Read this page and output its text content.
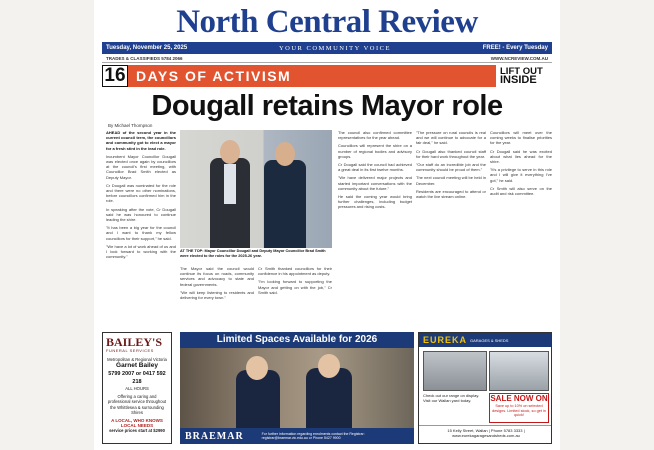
North Central Review
Tuesday, November 25, 2025	YOUR COMMUNITY VOICE	FREE! - Every Tuesday
TRADES & CLASSIFIEDS 5784 2066	WWW.NCREVIEW.COM.AU
16 DAYS OF ACTIVISM	LIFT OUT
INSIDE
Dougall retains Mayor role
By Michael Thompson

AHEAD of the second year in the current council term, the councillors and community got to elect a mayor for a fresh stint in the lead role.

Incumbent Mayor Councillor Dougall was elected once again by councillors at the council's first meeting, with Councillor Brad Smith elected as Deputy Mayor.

Cr Dougall was nominated for the role and there were no other nominations, before councillors confirmed him in the role.

In speaking after the vote, Cr Dougall said he was honoured to continue leading the shire.

"It has been a big year for the council and I want to thank my fellow councillors for their support," he said.

"We have a lot of work ahead of us and I look forward to working with the community."

AT THE TOP: Mayor Councillor Dougall and Deputy Mayor Councillor Brad Smith were elected to the roles for the 2025-26 year.

The Mayor said the council would continue its focus on roads, community services and advocacy to state and federal governments.

"We will keep listening to residents and delivering for every town."

Cr Smith thanked councillors for their confidence in his appointment as deputy.

"I'm looking forward to supporting the Mayor and getting on with the job," Cr Smith said.

The council also confirmed committee representatives for the year ahead.

Councillors will represent the shire on a number of regional bodies and advisory groups.

Cr Dougall said the council had achieved a great deal in its first twelve months.

"We have delivered major projects and started important conversations with the community about the future."

He said the coming year would bring further challenges, including budget pressures and rising costs.

"The pressure on rural councils is real and we will continue to advocate for a fair deal," he said.

Cr Dougall also thanked council staff for their hard work throughout the year.

"Our staff do an incredible job and the community should be proud of them."

The next council meeting will be held in December.

Residents are encouraged to attend or watch the live stream online.

Councillors will meet over the coming weeks to finalise priorities for the year.

Cr Dougall said he was excited about what lies ahead for the shire.

"It's a privilege to serve in this role and I will give it everything I've got," he said.

Cr Smith will also serve on the audit and risk committee.

BAILEY'S
FUNERAL SERVICES
Metropolitan & Regional Victoria
Garnet Bailey
5799 2007 or 0417 592 218
ALL HOURS
Offering a caring and professional service throughout the Whittlesea & surrounding Shires
A LOCAL, WHO KNOWS LOCAL NEEDS
service prices start at $2990
Limited Spaces Available for 2026
BRAEMAR	For further information regarding enrolments contact the Registrar: registrar@braemar.vic.edu.au or Phone 5427 9900
EUREKA GARAGES & SHEDS
Check out our range on display. Visit our Wallan yard today.	SALE NOW ON
Save up to 10% on selected designs. Limited stock, so get in quick!
15 Kelly Street, Wallan | Phone 5783 3333 | www.eurekagaragesandsheds.com.au
